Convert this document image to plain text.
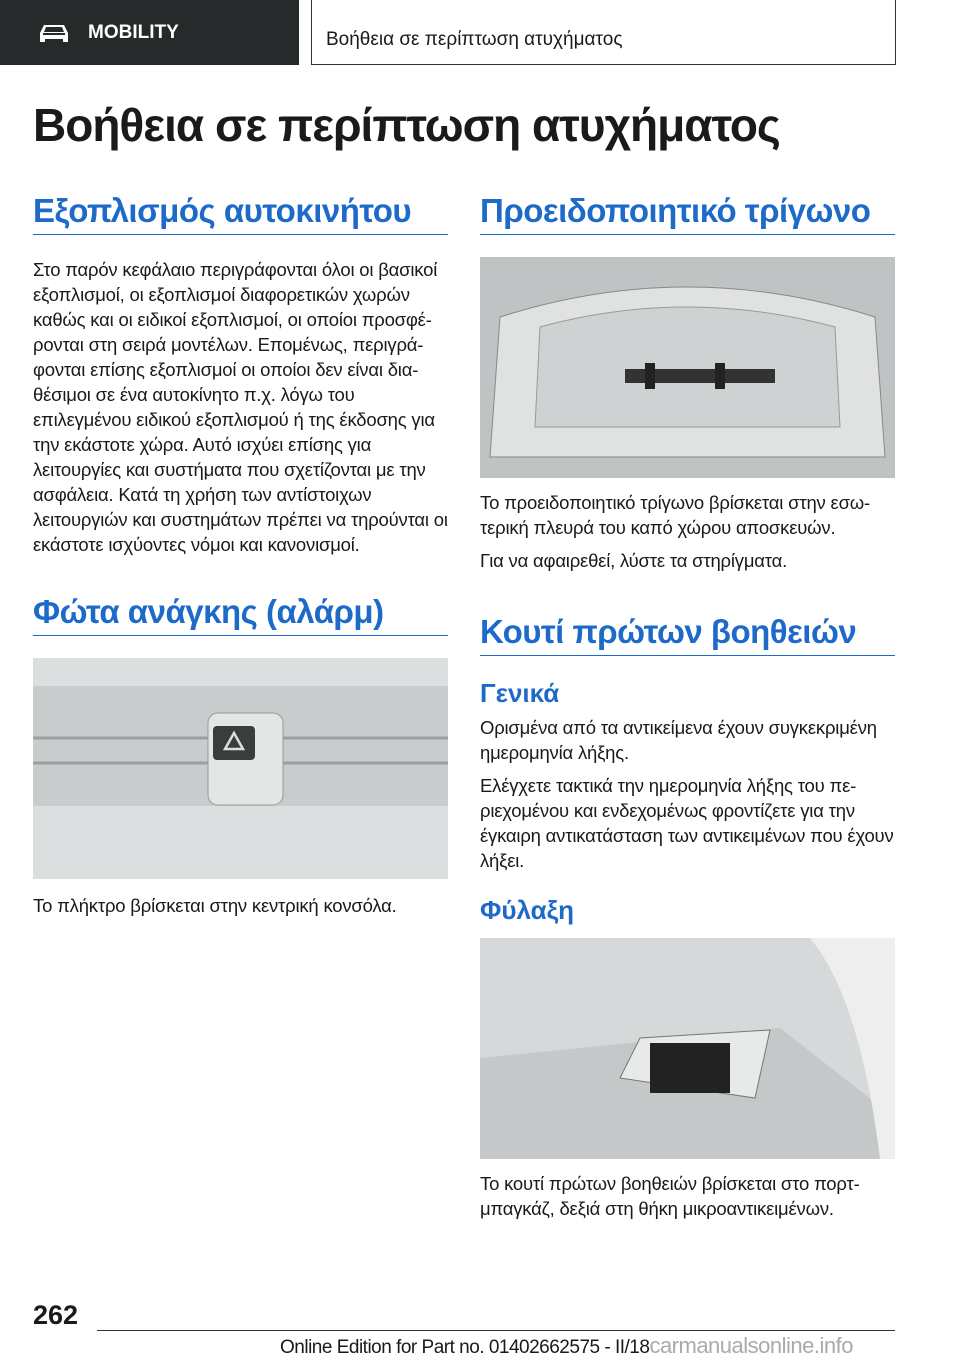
MOBILITY	Βοήθεια σε περίπτωση ατυχήματος
Βοήθεια σε περίπτωση ατυχήματος
Εξοπλισμός αυτοκινήτου

Στο παρόν κεφάλαιο περιγράφονται όλοι οι βασικοί εξοπλισμοί, οι εξοπλισμοί διαφορετικών χωρών καθώς και οι ειδικοί εξοπλισμοί, οι οποίοι προσφέρονται στη σειρά μοντέλων. Επομένως, περιγράφονται επίσης εξοπλισμοί οι οποίοι δεν είναι διαθέσιμοι σε ένα αυτοκίνητο π.χ. λόγω του επιλεγμένου ειδικού εξοπλισμού ή της έκδοσης για την εκάστοτε χώρα. Αυτό ισχύει επίσης για λειτουργίες και συστήματα που σχετίζονται με την ασφάλεια. Κατά τη χρήση των αντίστοιχων λειτουργιών και συστημάτων πρέπει να τηρούνται οι εκάστοτε ισχύοντες νόμοι και κανονισμοί.

Φώτα ανάγκης (αλάρμ)

Το πλήκτρο βρίσκεται στην κεντρική κονσόλα.

Προειδοποιητικό τρίγωνο

Το προειδοποιητικό τρίγωνο βρίσκεται στην εσωτερική πλευρά του καπό χώρου αποσκευών.

Για να αφαιρεθεί, λύστε τα στηρίγματα.

Κουτί πρώτων βοηθειών
Γενικά

Ορισμένα από τα αντικείμενα έχουν συγκεκριμένη ημερομηνία λήξης.

Ελέγχετε τακτικά την ημερομηνία λήξης του περιεχομένου και ενδεχομένως φροντίζετε για την έγκαιρη αντικατάσταση των αντικειμένων που έχουν λήξει.

Φύλαξη

Το κουτί πρώτων βοηθειών βρίσκεται στο πορτμπαγκάζ, δεξιά στη θήκη μικροαντικειμένων.

262
Online Edition for Part no. 01402662575 - II/18carmanualsonline.info
